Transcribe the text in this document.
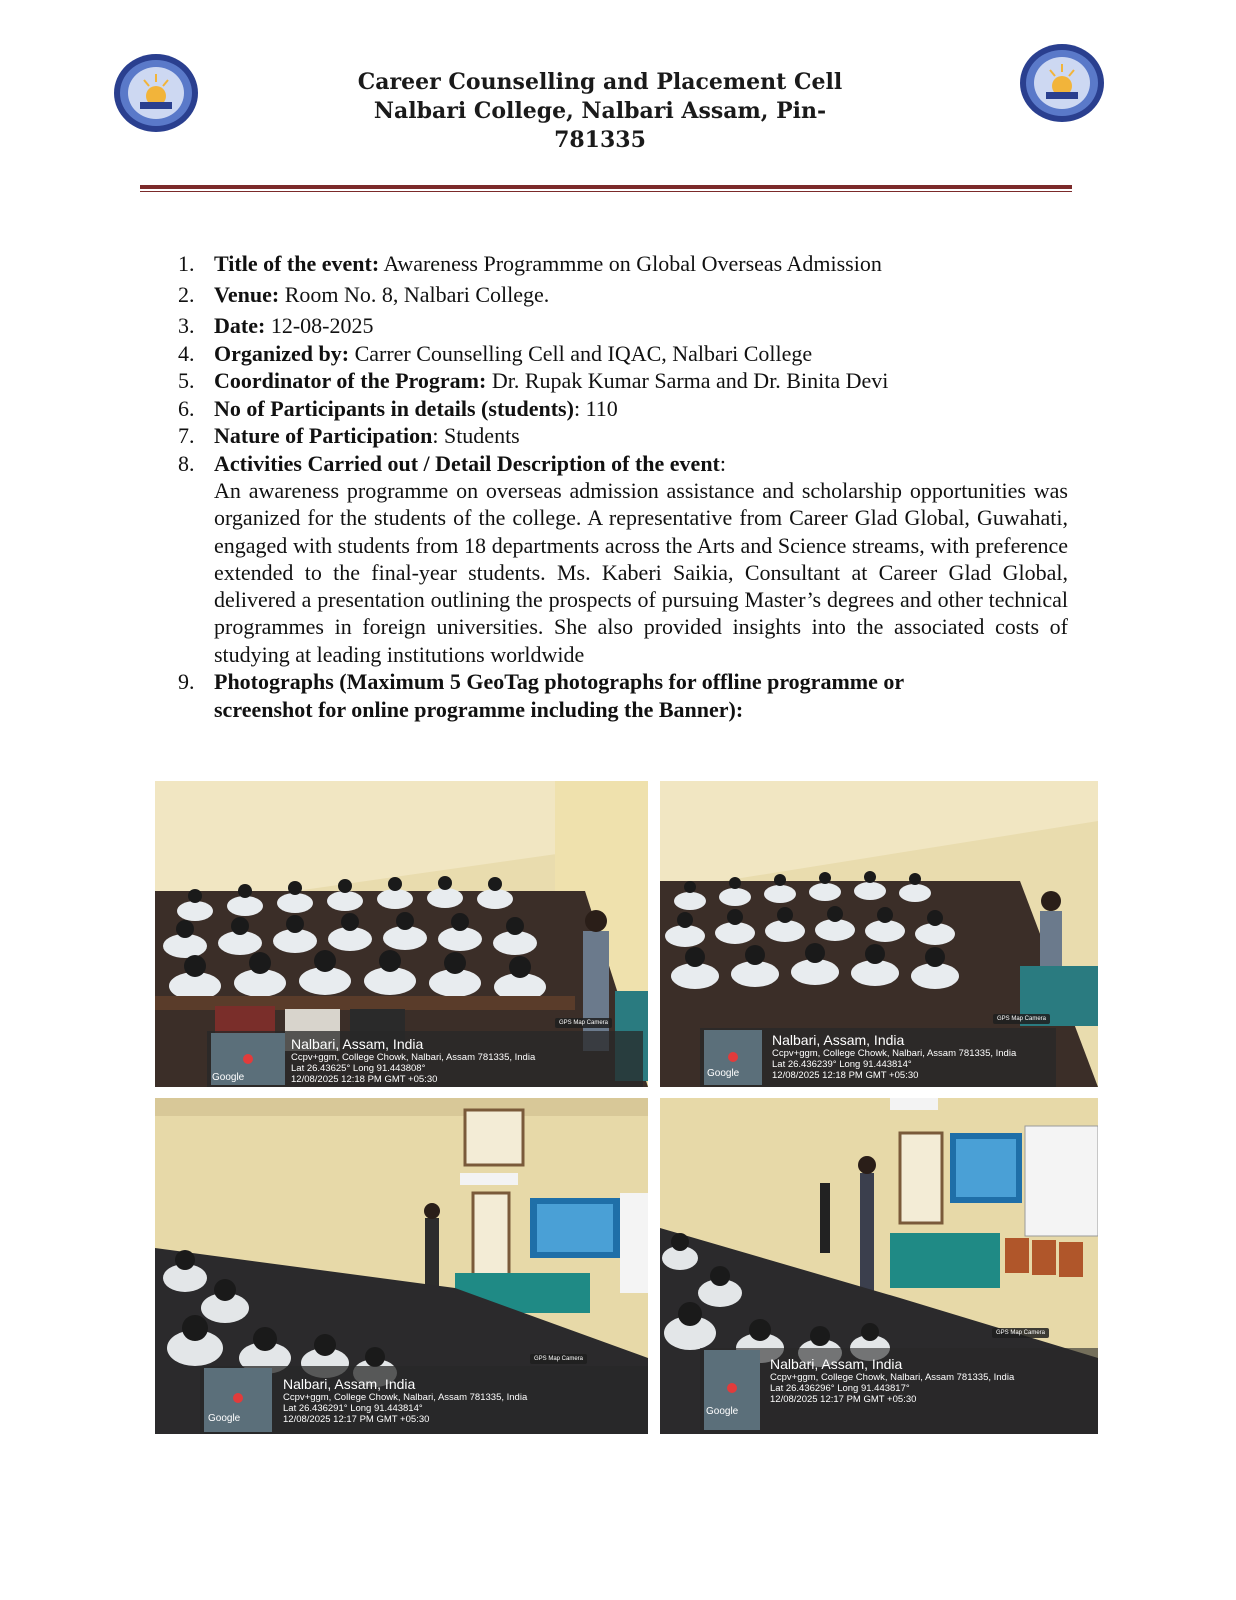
Career Counselling and Placement Cell
Nalbari College, Nalbari Assam, Pin-
781335
1. Title of the event: Awareness Programmme on Global Overseas Admission
2. Venue: Room No. 8, Nalbari College.
3. Date: 12-08-2025
4. Organized by: Carrer Counselling Cell and IQAC, Nalbari College
5. Coordinator of the Program: Dr. Rupak Kumar Sarma and Dr. Binita Devi
6. No of Participants in details (students): 110
7. Nature of Participation: Students
8. Activities Carried out / Detail Description of the event:
An awareness programme on overseas admission assistance and scholarship opportunities was organized for the students of the college. A representative from Career Glad Global, Guwahati, engaged with students from 18 departments across the Arts and Science streams, with preference extended to the final-year students. Ms. Kaberi Saikia, Consultant at Career Glad Global, delivered a presentation outlining the prospects of pursuing Master’s degrees and other technical programmes in foreign universities. She also provided insights into the associated costs of studying at leading institutions worldwide
9. Photographs (Maximum 5 GeoTag photographs for offline programme or screenshot for online programme including the Banner):
Nalbari, Assam, India
Ccpv+ggm, College Chowk, Nalbari, Assam 781335, India
Lat 26.43625° Long 91.443808°
12/08/2025 12:18 PM GMT +05:30
GPS Map Camera
Google
Nalbari, Assam, India
Ccpv+ggm, College Chowk, Nalbari, Assam 781335, India
Lat 26.436239° Long 91.443814°
12/08/2025 12:18 PM GMT +05:30
GPS Map Camera
Google
Nalbari, Assam, India
Ccpv+ggm, College Chowk, Nalbari, Assam 781335, India
Lat 26.436291° Long 91.443814°
12/08/2025 12:17 PM GMT +05:30
GPS Map Camera
Google
Nalbari, Assam, India
Ccpv+ggm, College Chowk, Nalbari, Assam 781335, India
Lat 26.436296° Long 91.443817°
12/08/2025 12:17 PM GMT +05:30
GPS Map Camera
Google
